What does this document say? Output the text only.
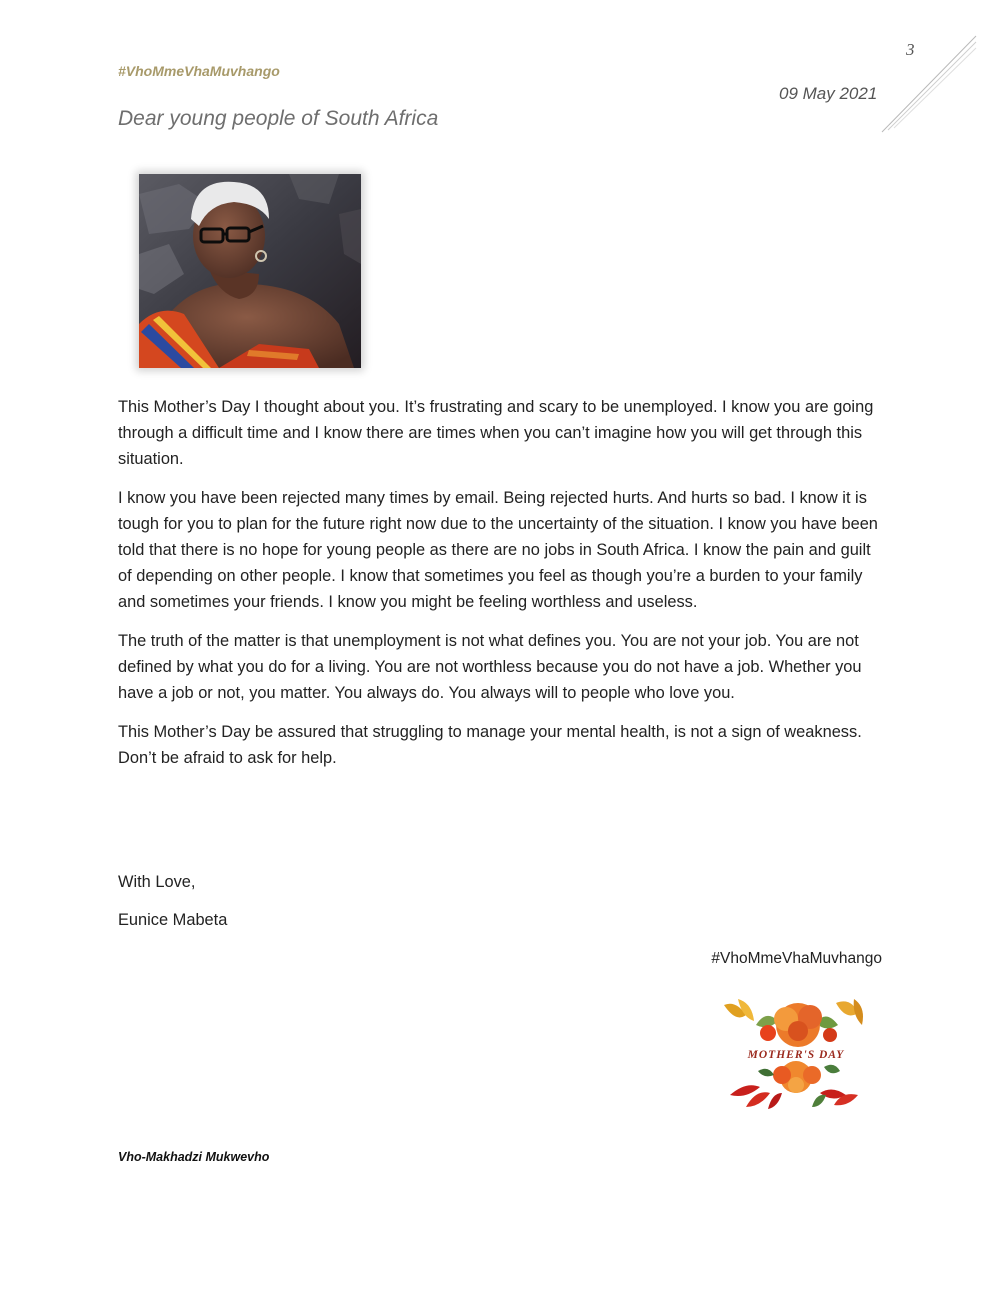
3
#VhoMmeVhaMuvhango
09 May 2021
Dear young people of South Africa

This Mother’s Day I thought about you. It’s frustrating and scary to be unemployed. I know you are going through a difficult time and I know there are times when you can’t imagine how you will get through this situation.

I know you have been rejected many times by email. Being rejected hurts. And hurts so bad. I know it is tough for you to plan for the future right now due to the uncertainty of the situation. I know you have been told that there is no hope for young people as there are no jobs in South Africa. I know the pain and guilt of depending on other people. I know that sometimes you feel as though you’re a burden to your family and sometimes your friends. I know you might be feeling worthless and useless.

The truth of the matter is that unemployment is not what defines you. You are not your job. You are not defined by what you do for a living. You are not worthless because you do not have a job. Whether you have a job or not, you matter. You always do. You always will to people who love you.

This Mother’s Day be assured that struggling to manage your mental health, is not a sign of weakness. Don’t be afraid to ask for help.

With Love,
Eunice Mabeta
#VhoMmeVhaMuvhango
MOTHER'S DAY
Vho-Makhadzi Mukwevho
